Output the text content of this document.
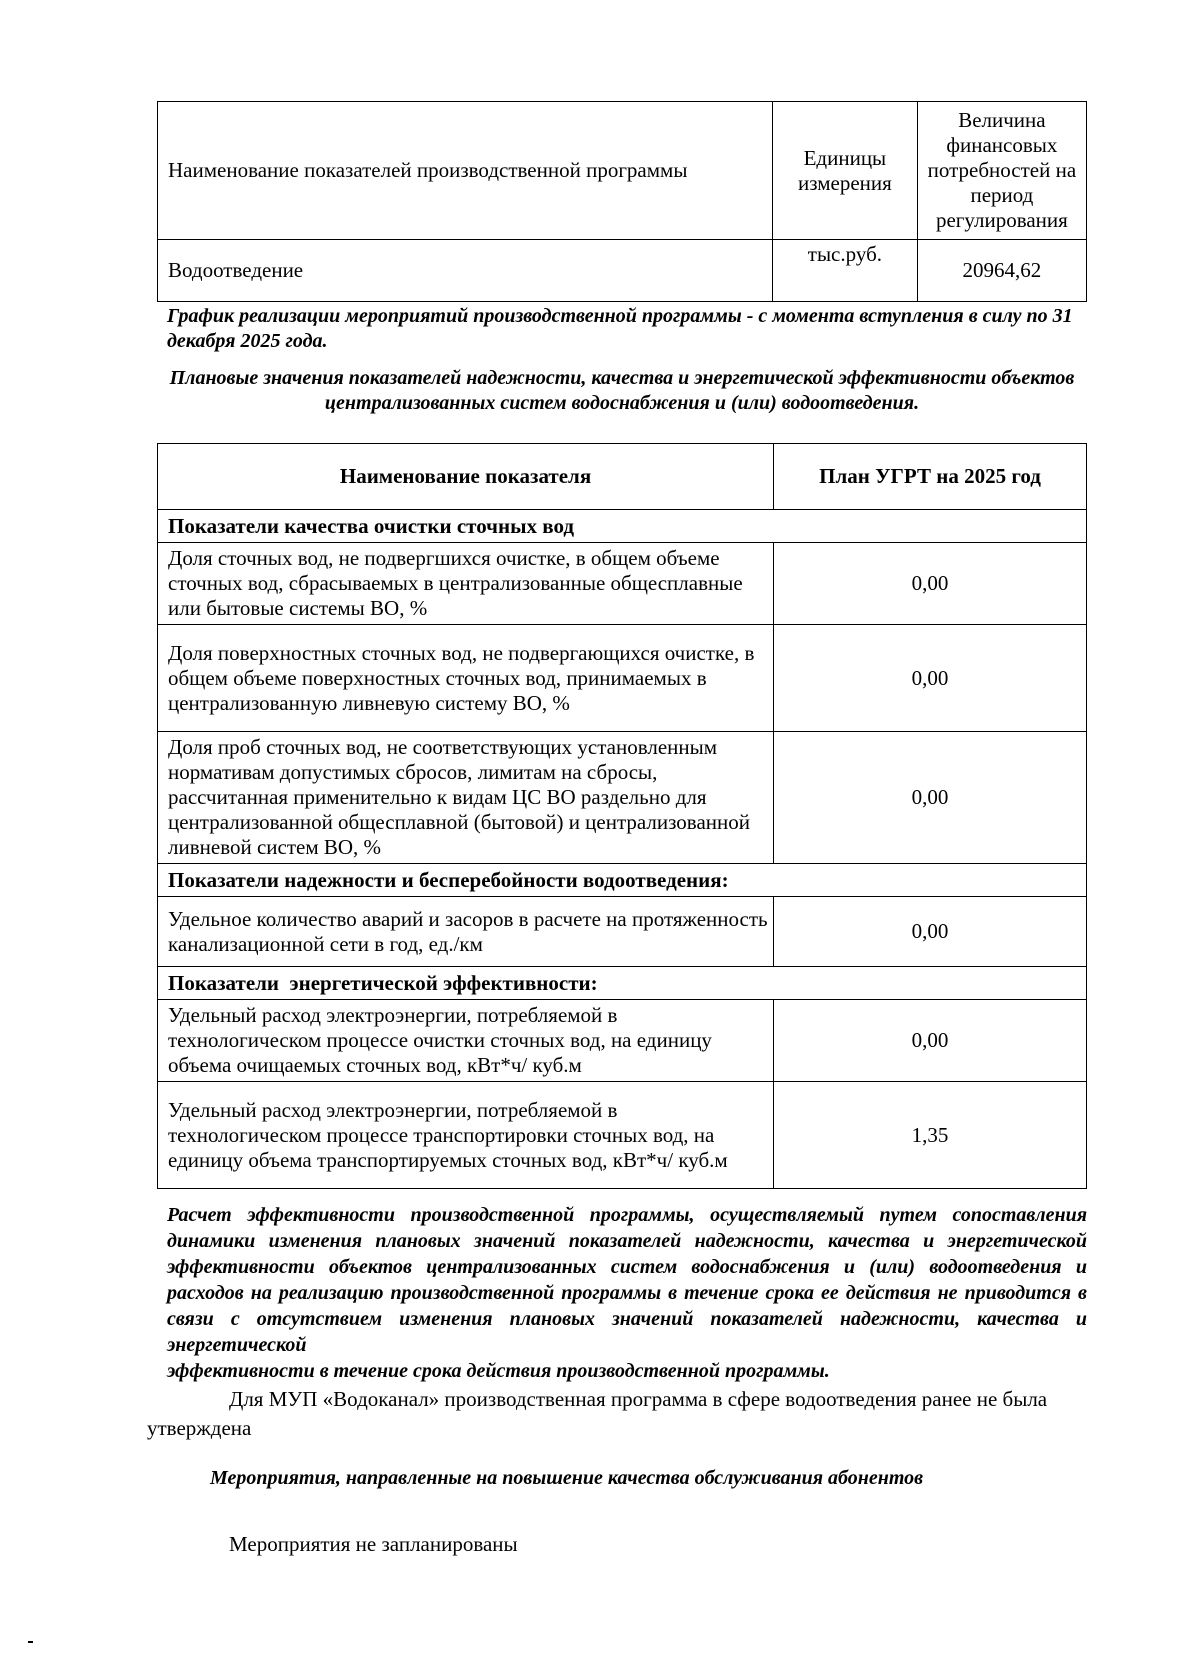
Наименование показателей производственной программы	Единицы измерения	Величина финансовых потребностей на период регулирования
Водоотведение	тыс.руб.	20964,62
График реализации мероприятий производственной программы - с момента вступления в силу по 31 декабря 2025 года.
Плановые значения показателей надежности, качества и энергетической эффективности объектов централизованных систем водоснабжения и (или) водоотведения.
Наименование показателя	План УГРТ на 2025 год
Показатели качества очистки сточных вод	
Доля сточных вод, не подвергшихся очистке, в общем объеме сточных вод, сбрасываемых в централизованные общесплавные или бытовые системы ВО, %	0,00
Доля поверхностных сточных вод, не подвергающихся очистке, в общем объеме поверхностных сточных вод, принимаемых в централизованную ливневую систему ВО, %	0,00
Доля проб сточных вод, не соответствующих установленным нормативам допустимых сбросов, лимитам на сбросы, рассчитанная применительно к видам ЦС ВО раздельно для централизованной общесплавной (бытовой) и централизованной ливневой систем ВО, %	0,00
Показатели надежности и бесперебойности водоотведения:	
Удельное количество аварий и засоров в расчете на протяженность канализационной сети в год, ед./км	0,00
Показатели  энергетической эффективности:	
Удельный расход электроэнергии, потребляемой в технологическом процессе очистки сточных вод, на единицу объема очищаемых сточных вод, кВт*ч/ куб.м	0,00
Удельный расход электроэнергии, потребляемой в технологическом процессе транспортировки сточных вод, на единицу объема транспортируемых сточных вод, кВт*ч/ куб.м	1,35
Расчет эффективности производственной программы, осуществляемый путем сопоставления динамики изменения плановых значений показателей надежности, качества и энергетической эффективности объектов централизованных систем водоснабжения и (или) водоотведения и расходов на реализацию производственной программы в течение срока ее действия не приводится в связи с отсутствием изменения плановых значений показателей надежности, качества и энергетической
эффективности в течение срока действия производственной программы.
Для МУП «Водоканал» производственная программа в сфере водоотведения ранее не была утверждена
Мероприятия, направленные на повышение качества обслуживания абонентов
Мероприятия не запланированы
